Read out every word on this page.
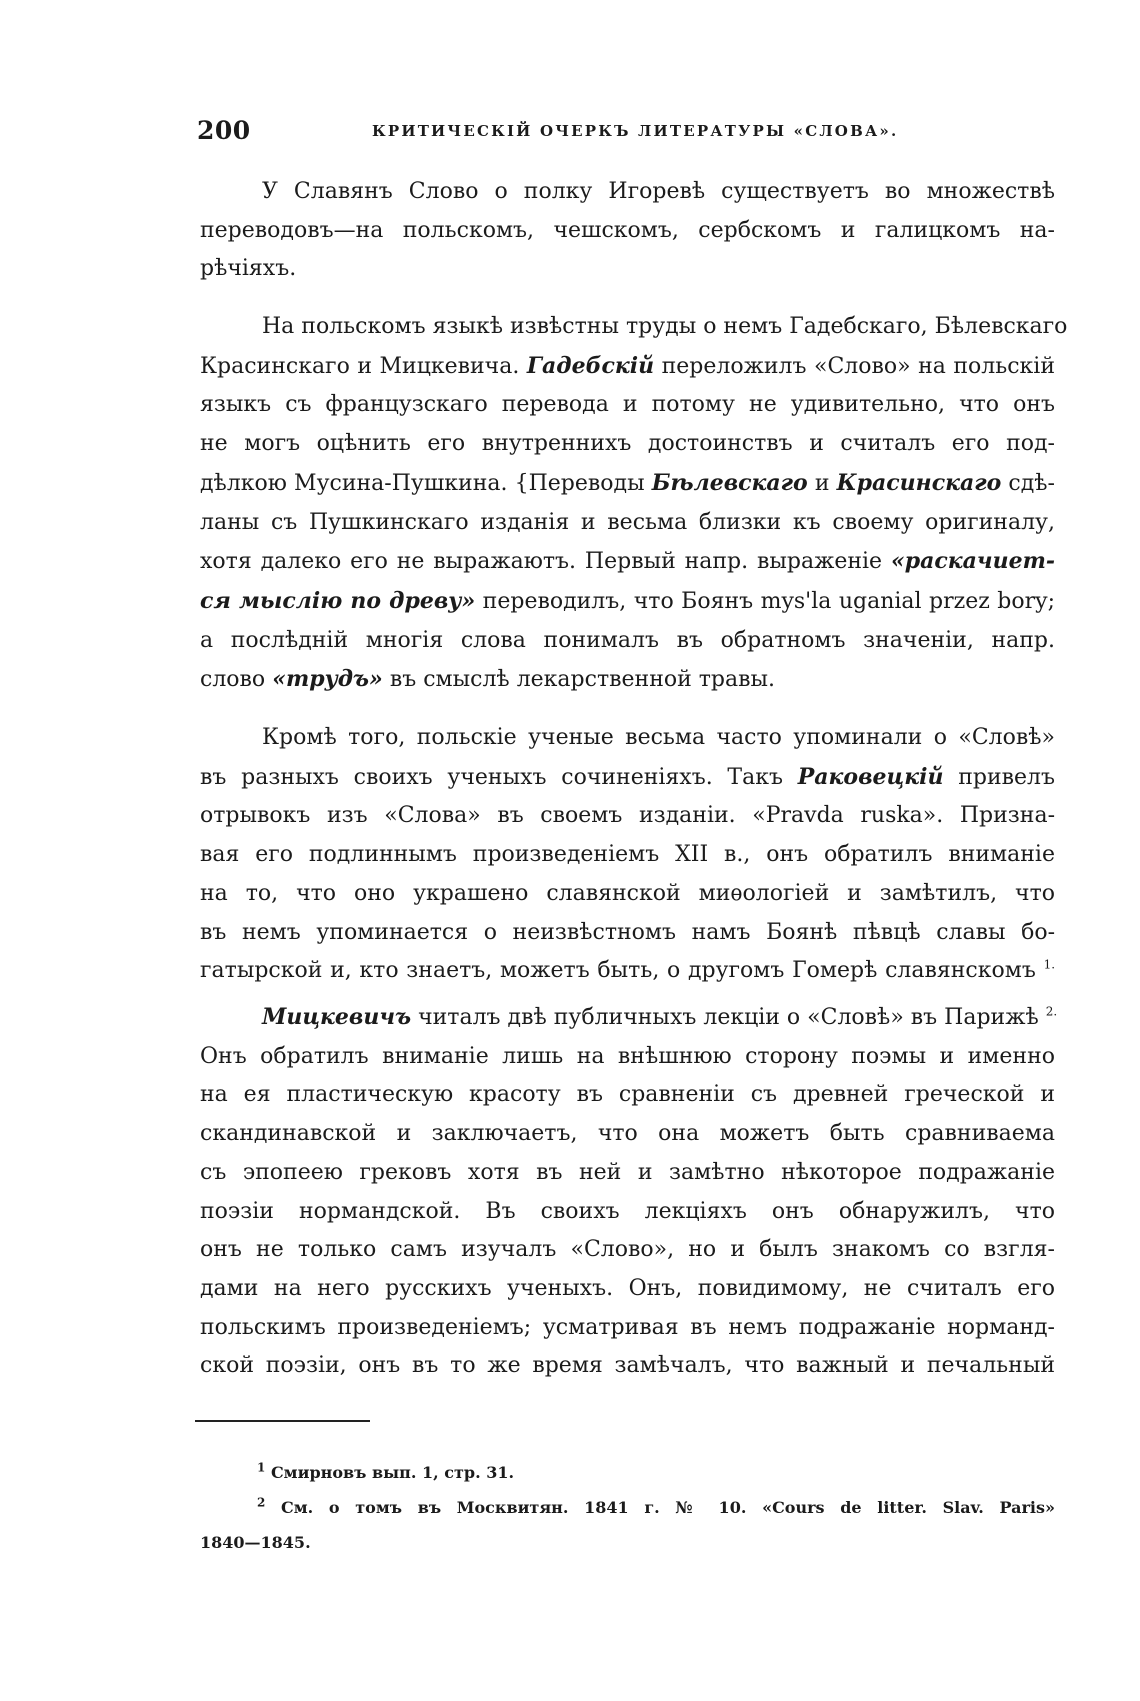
200	КРИТИЧЕСКІЙ ОЧЕРКЪ ЛИТЕРАТУРЫ «СЛОВА».
У Славянъ Слово о полку Игоревѣ существуетъ во множествѣ
переводовъ—на польскомъ, чешскомъ, сербскомъ и галицкомъ на-
рѣчіяхъ.
На польскомъ языкѣ извѣстны труды о немъ Гадебскаго, Бѣлевскаго
Красинскаго и Мицкевича. Гадебскій переложилъ «Слово» на польскій
языкъ съ французскаго перевода и потому не удивительно, что онъ
не могъ оцѣнить его внутреннихъ достоинствъ и считалъ его под-
дѣлкою Мусина-Пушкина. {Переводы Бѣлевскаго и Красинскаго сдѣ-
ланы съ Пушкинскаго изданія и весьма близки къ своему оригиналу,
хотя далеко его не выражаютъ. Первый напр. выраженіе «раскачиет-
ся мыслію по древу» переводилъ, что Боянъ mys'la uganial przez bory;
а послѣдній многія слова понималъ въ обратномъ значеніи, напр.
слово «трудъ» въ смыслѣ лекарственной травы.
Кромѣ того, польскіе ученые весьма часто упоминали о «Словѣ»
въ разныхъ своихъ ученыхъ сочиненіяхъ. Такъ Раковецкій привелъ
отрывокъ изъ «Слова» въ своемъ изданіи. «Pravda ruska». Призна-
вая его подлиннымъ произведеніемъ XII в., онъ обратилъ вниманіе
на то, что оно украшено славянской миѳологіей и замѣтилъ, что
въ немъ упоминается о неизвѣстномъ намъ Боянѣ пѣвцѣ славы бо-
гатырской и, кто знаетъ, можетъ быть, о другомъ Гомерѣ славянскомъ $^{1.}$
Мицкевичъ читалъ двѣ публичныхъ лекціи о «Словѣ» въ Парижѣ $^{2.}$
Онъ обратилъ вниманіе лишь на внѣшнюю сторону поэмы и именно
на ея пластическую красоту въ сравненіи съ древней греческой и
скандинавской и заключаетъ, что она можетъ быть сравниваема
съ эпопеею грековъ хотя въ ней и замѣтно нѣкоторое подражаніе
поэзіи нормандской. Въ своихъ лекціяхъ онъ обнаружилъ, что
онъ не только самъ изучалъ «Слово», но и былъ знакомъ со взгля-
дами на него русскихъ ученыхъ. Онъ, повидимому, не считалъ его
польскимъ произведеніемъ; усматривая въ немъ подражаніе норманд-
ской поэзіи, онъ въ то же время замѣчалъ, что важный и печальный
$^1$ Смирновъ вып. 1, стр. 31.
$^2$ См. о томъ въ Москвитян. 1841 г. № 10. «Cours de litter. Slav. Paris»
1840—1845.
